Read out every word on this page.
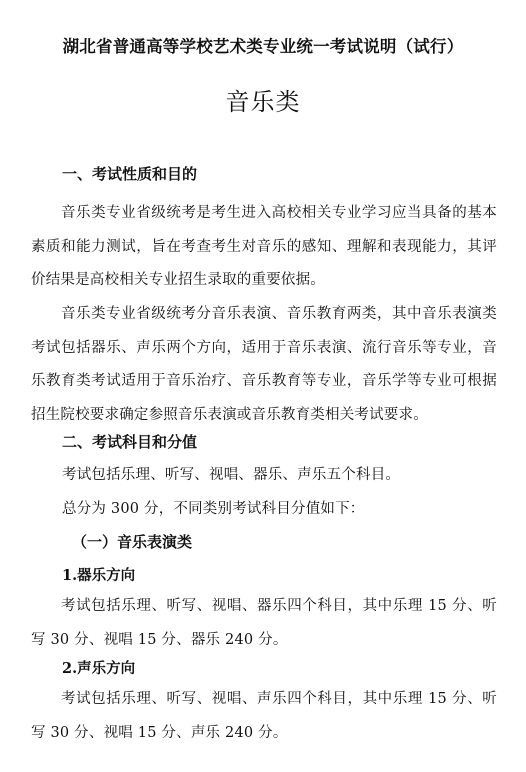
湖北省普通高等学校艺术类专业统一考试说明（试行）
音乐类
一、考试性质和目的
音乐类专业省级统考是考生进入高校相关专业学习应当具备的基本素质和能力测试，旨在考查考生对音乐的感知、理解和表现能力，其评价结果是高校相关专业招生录取的重要依据。
音乐类专业省级统考分音乐表演、音乐教育两类，其中音乐表演类考试包括器乐、声乐两个方向，适用于音乐表演、流行音乐等专业，音乐教育类考试适用于音乐治疗、音乐教育等专业，音乐学等专业可根据招生院校要求确定参照音乐表演或音乐教育类相关考试要求。
二、考试科目和分值
考试包括乐理、听写、视唱、器乐、声乐五个科目。
总分为 300 分，不同类别考试科目分值如下：
（一）音乐表演类
1.器乐方向
考试包括乐理、听写、视唱、器乐四个科目，其中乐理 15 分、听写 30 分、视唱 15 分、器乐 240 分。
2.声乐方向
考试包括乐理、听写、视唱、声乐四个科目，其中乐理 15 分、听写 30 分、视唱 15 分、声乐 240 分。
